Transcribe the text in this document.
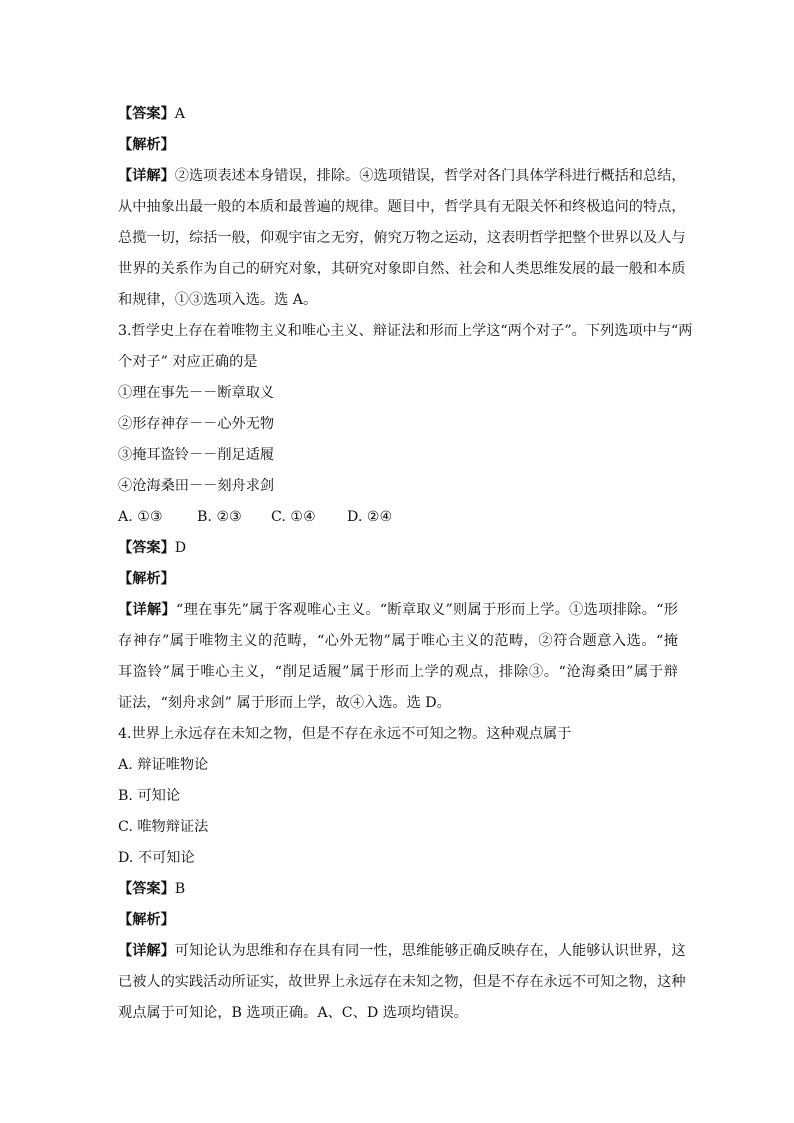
【答案】A
【解析】
【详解】②选项表述本身错误，排除。④选项错误，哲学对各门具体学科进行概括和总结，
从中抽象出最一般的本质和最普遍的规律。题目中，哲学具有无限关怀和终极追问的特点，
总揽一切，综括一般，仰观宇宙之无穷，俯究万物之运动，这表明哲学把整个世界以及人与
世界的关系作为自己的研究对象，其研究对象即自然、社会和人类思维发展的最一般和本质
和规律，①③选项入选。选 A。
3.哲学史上存在着唯物主义和唯心主义、辩证法和形而上学这“两个对子”。下列选项中与“两
个对子” 对应正确的是
①理在事先－－断章取义
②形存神存－－心外无物
③掩耳盗铃－－削足适履
④沧海桑田－－刻舟求剑
A. ①③	B. ②③	C. ①④	D. ②④
【答案】D
【解析】
【详解】“理在事先”属于客观唯心主义。“断章取义”则属于形而上学。①选项排除。“形
存神存”属于唯物主义的范畴，“心外无物”属于唯心主义的范畴，②符合题意入选。“掩
耳盗铃”属于唯心主义，“削足适履”属于形而上学的观点，排除③。“沧海桑田”属于辩
证法，“刻舟求剑” 属于形而上学，故④入选。选 D。
4.世界上永远存在未知之物，但是不存在永远不可知之物。这种观点属于
A. 辩证唯物论
B. 可知论
C. 唯物辩证法
D. 不可知论
【答案】B
【解析】
【详解】可知论认为思维和存在具有同一性，思维能够正确反映存在，人能够认识世界，这
已被人的实践活动所证实，故世界上永远存在未知之物，但是不存在永远不可知之物，这种
观点属于可知论，B 选项正确。A、C、D 选项均错误。
